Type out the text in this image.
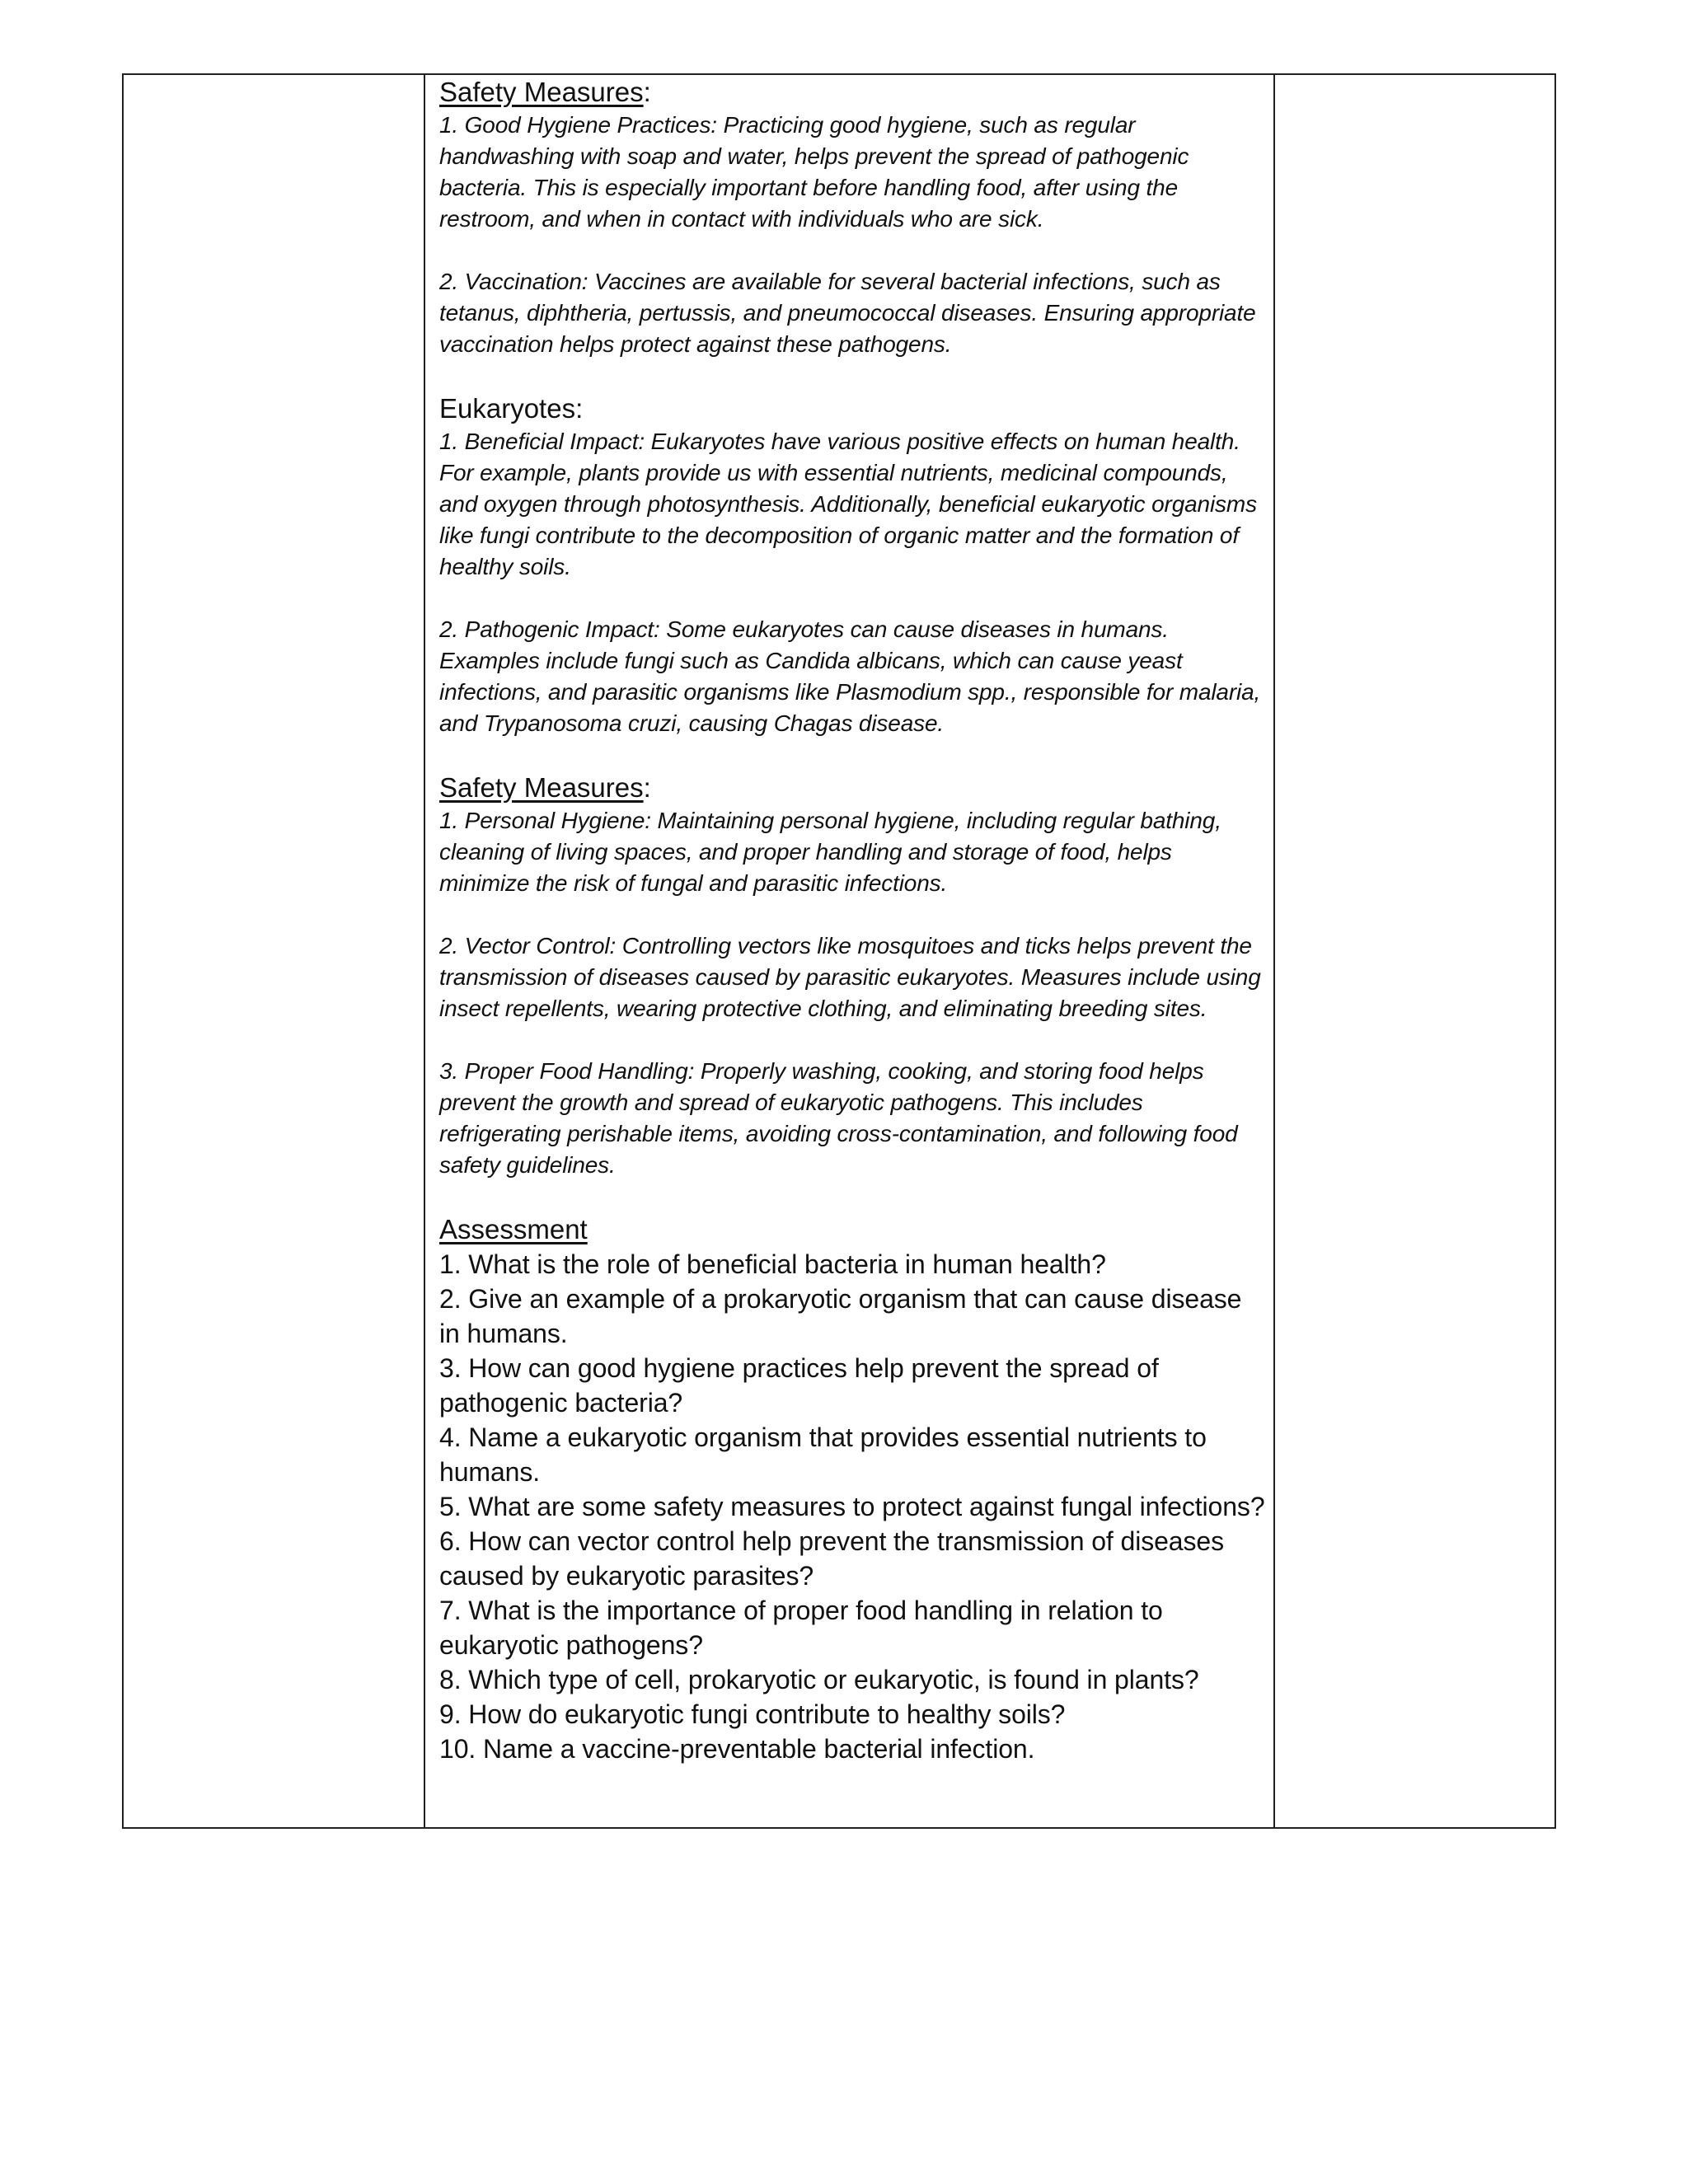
Safety Measures:

1. Good Hygiene Practices: Practicing good hygiene, such as regular handwashing with soap and water, helps prevent the spread of pathogenic bacteria. This is especially important before handling food, after using the restroom, and when in contact with individuals who are sick.

2. Vaccination: Vaccines are available for several bacterial infections, such as tetanus, diphtheria, pertussis, and pneumococcal diseases. Ensuring appropriate vaccination helps protect against these pathogens.

Eukaryotes:

1. Beneficial Impact: Eukaryotes have various positive effects on human health. For example, plants provide us with essential nutrients, medicinal compounds, and oxygen through photosynthesis. Additionally, beneficial eukaryotic organisms like fungi contribute to the decomposition of organic matter and the formation of healthy soils.

2. Pathogenic Impact: Some eukaryotes can cause diseases in humans. Examples include fungi such as Candida albicans, which can cause yeast infections, and parasitic organisms like Plasmodium spp., responsible for malaria, and Trypanosoma cruzi, causing Chagas disease.

Safety Measures:

1. Personal Hygiene: Maintaining personal hygiene, including regular bathing, cleaning of living spaces, and proper handling and storage of food, helps minimize the risk of fungal and parasitic infections.

2. Vector Control: Controlling vectors like mosquitoes and ticks helps prevent the transmission of diseases caused by parasitic eukaryotes. Measures include using insect repellents, wearing protective clothing, and eliminating breeding sites.

3. Proper Food Handling: Properly washing, cooking, and storing food helps prevent the growth and spread of eukaryotic pathogens. This includes refrigerating perishable items, avoiding cross-contamination, and following food safety guidelines.

Assessment

1. What is the role of beneficial bacteria in human health?
2. Give an example of a prokaryotic organism that can cause disease in humans.
3. How can good hygiene practices help prevent the spread of pathogenic bacteria?
4. Name a eukaryotic organism that provides essential nutrients to humans.
5. What are some safety measures to protect against fungal infections?
6. How can vector control help prevent the transmission of diseases caused by eukaryotic parasites?
7. What is the importance of proper food handling in relation to eukaryotic pathogens?
8. Which type of cell, prokaryotic or eukaryotic, is found in plants?
9. How do eukaryotic fungi contribute to healthy soils?
10. Name a vaccine-preventable bacterial infection.
